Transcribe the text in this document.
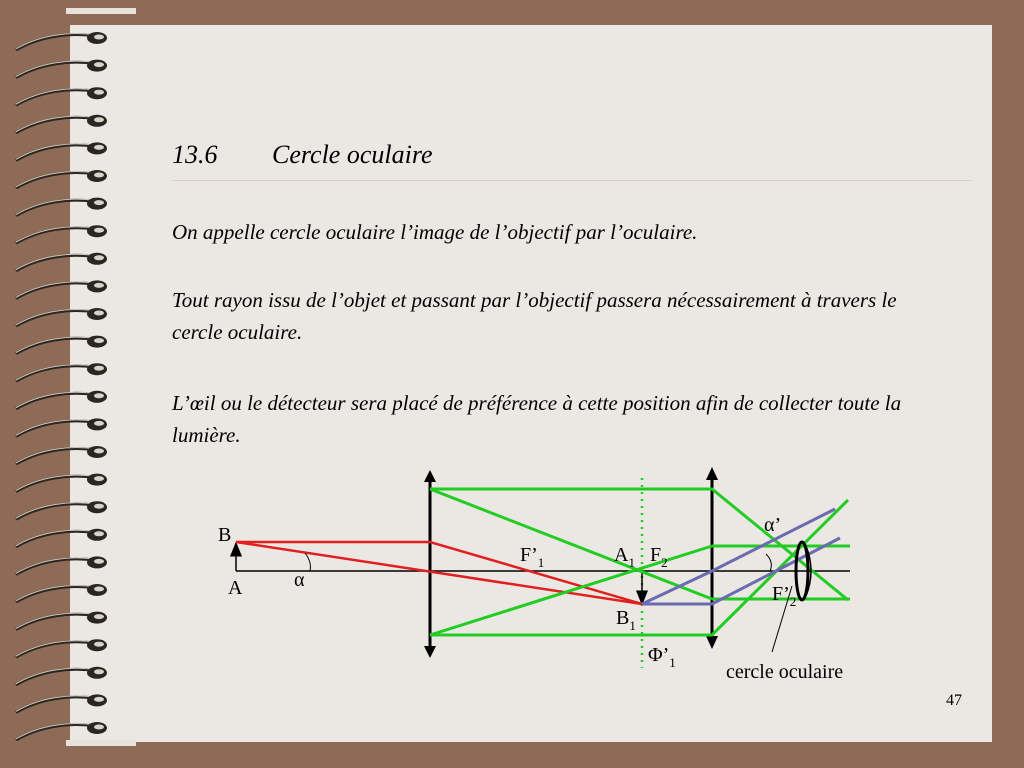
13.6 Cercle oculaire

On appelle cercle oculaire l’image de l’objectif par l’oculaire.

Tout rayon issu de l’objet et passant par l’objectif passera nécessairement à travers le cercle oculaire.

L’œil ou le détecteur sera placé de préférence à cette position afin de collecter toute la lumière.

B
A	α
$F’_1$	$A_1$ $F_2$
$B_1$
$\Phi’_1$
α’
$F’_2$
cercle oculaire
47
